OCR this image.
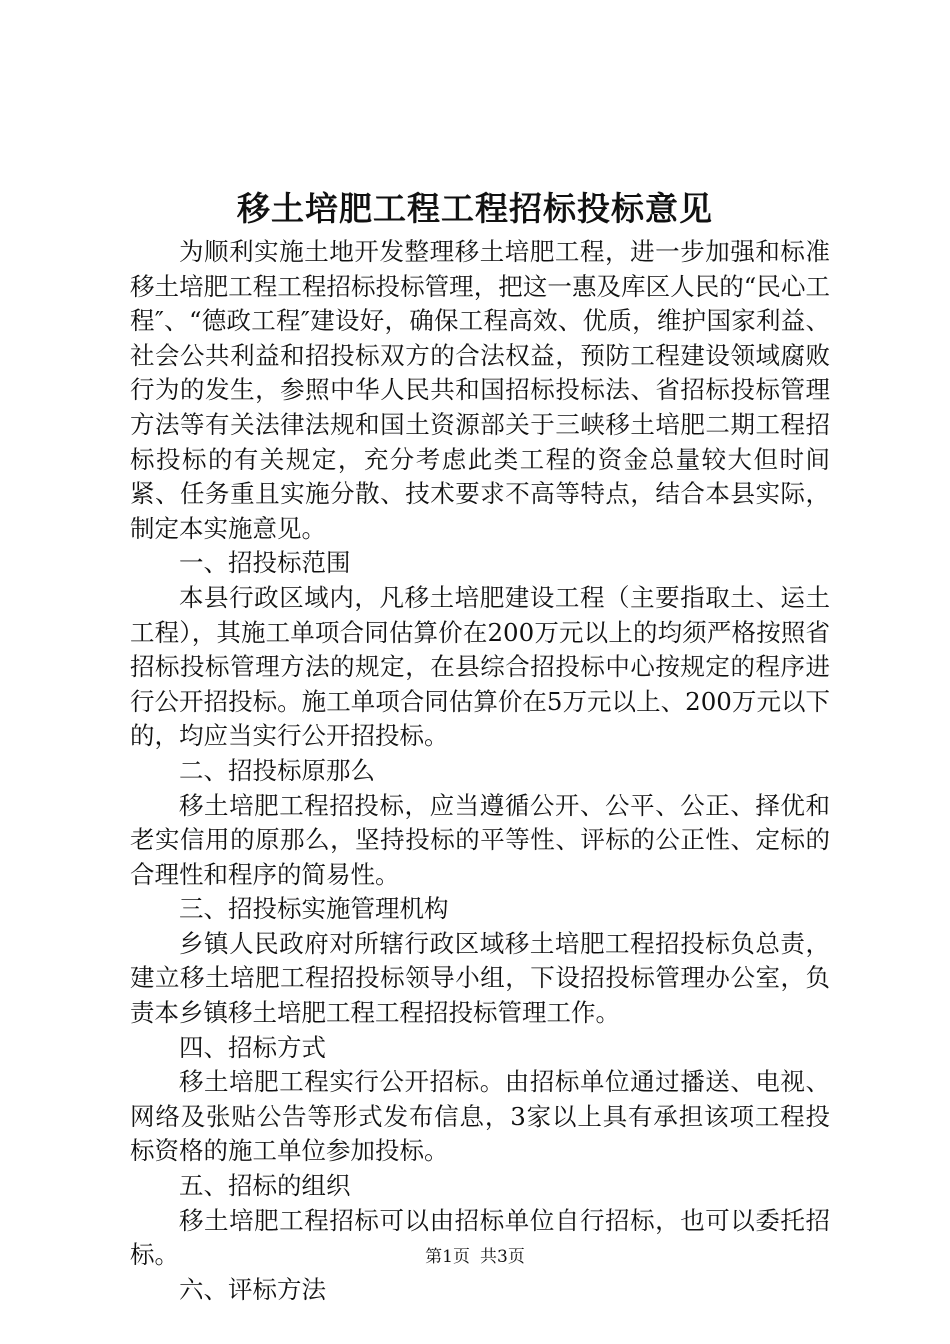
移土培肥工程工程招标投标意见

为顺利实施土地开发整理移土培肥工程，进一步加强和标准移土培肥工程工程招标投标管理，把这一惠及库区人民的“民心工程″、“德政工程″建设好，确保工程高效、优质，维护国家利益、社会公共利益和招投标双方的合法权益，预防工程建设领域腐败行为的发生，参照中华人民共和国招标投标法、省招标投标管理方法等有关法律法规和国土资源部关于三峡移土培肥二期工程招标投标的有关规定，充分考虑此类工程的资金总量较大但时间紧、任务重且实施分散、技术要求不高等特点，结合本县实际，制定本实施意见。

一、招投标范围

本县行政区域内，凡移土培肥建设工程（主要指取土、运土工程），其施工单项合同估算价在200万元以上的均须严格按照省招标投标管理方法的规定，在县综合招投标中心按规定的程序进行公开招投标。施工单项合同估算价在5万元以上、200万元以下的，均应当实行公开招投标。

二、招投标原那么

移土培肥工程招投标，应当遵循公开、公平、公正、择优和老实信用的原那么，坚持投标的平等性、评标的公正性、定标的合理性和程序的简易性。

三、招投标实施管理机构

乡镇人民政府对所辖行政区域移土培肥工程招投标负总责，建立移土培肥工程招投标领导小组，下设招投标管理办公室，负责本乡镇移土培肥工程工程招投标管理工作。

四、招标方式

移土培肥工程实行公开招标。由招标单位通过播送、电视、网络及张贴公告等形式发布信息，3家以上具有承担该项工程投标资格的施工单位参加投标。

五、招标的组织

移土培肥工程招标可以由招标单位自行招标，也可以委托招标。

六、评标方法

第1页 共3页
